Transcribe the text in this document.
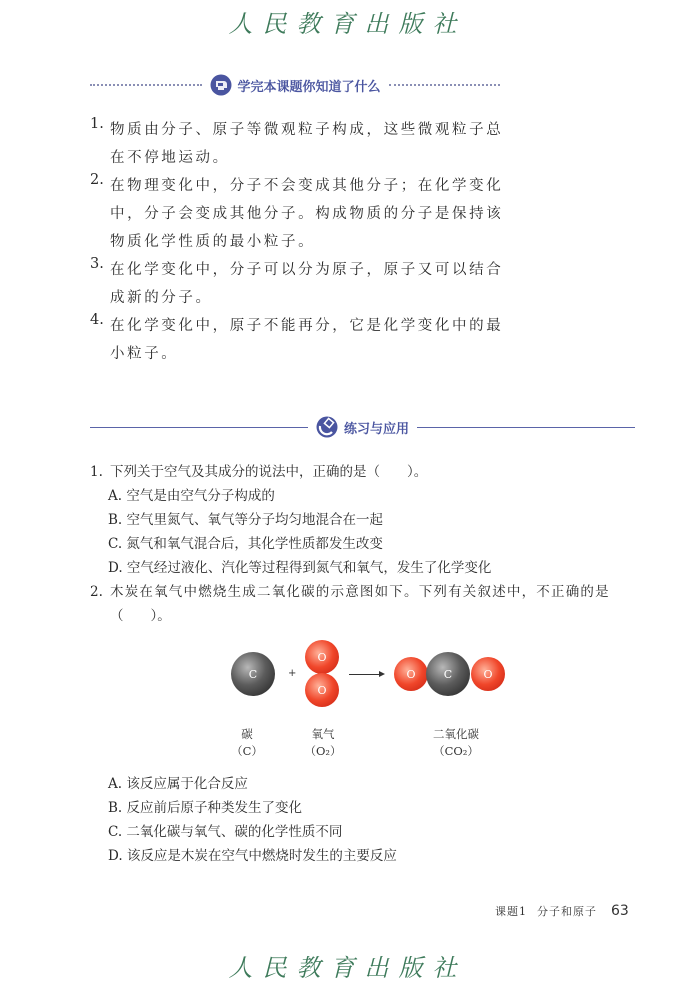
人民教育出版社
学完本课题你知道了什么
1. 物质由分子、原子等微观粒子构成，这些微观粒子总在不停地运动。
2. 在物理变化中，分子不会变成其他分子；在化学变化中，分子会变成其他分子。构成物质的分子是保持该物质化学性质的最小粒子。
3. 在化学变化中，分子可以分为原子，原子又可以结合成新的分子。
4. 在化学变化中，原子不能再分，它是化学变化中的最小粒子。
练习与应用
1. 下列关于空气及其成分的说法中，正确的是（　　）。
A. 空气是由空气分子构成的
B. 空气里氮气、氧气等分子均匀地混合在一起
C. 氮气和氧气混合后，其化学性质都发生改变
D. 空气经过液化、汽化等过程得到氮气和氧气，发生了化学变化
2. 木炭在氧气中燃烧生成二氧化碳的示意图如下。下列有关叙述中，不正确的是
（　　）。
C	+
O
O
→	O	C	O
碳
（C）
氧气
（O₂）
二氧化碳
（CO₂）
A. 该反应属于化合反应
B. 反应前后原子种类发生了变化
C. 二氧化碳与氧气、碳的化学性质不同
D. 该反应是木炭在空气中燃烧时发生的主要反应
课题1 分子和原子 63
人民教育出版社
